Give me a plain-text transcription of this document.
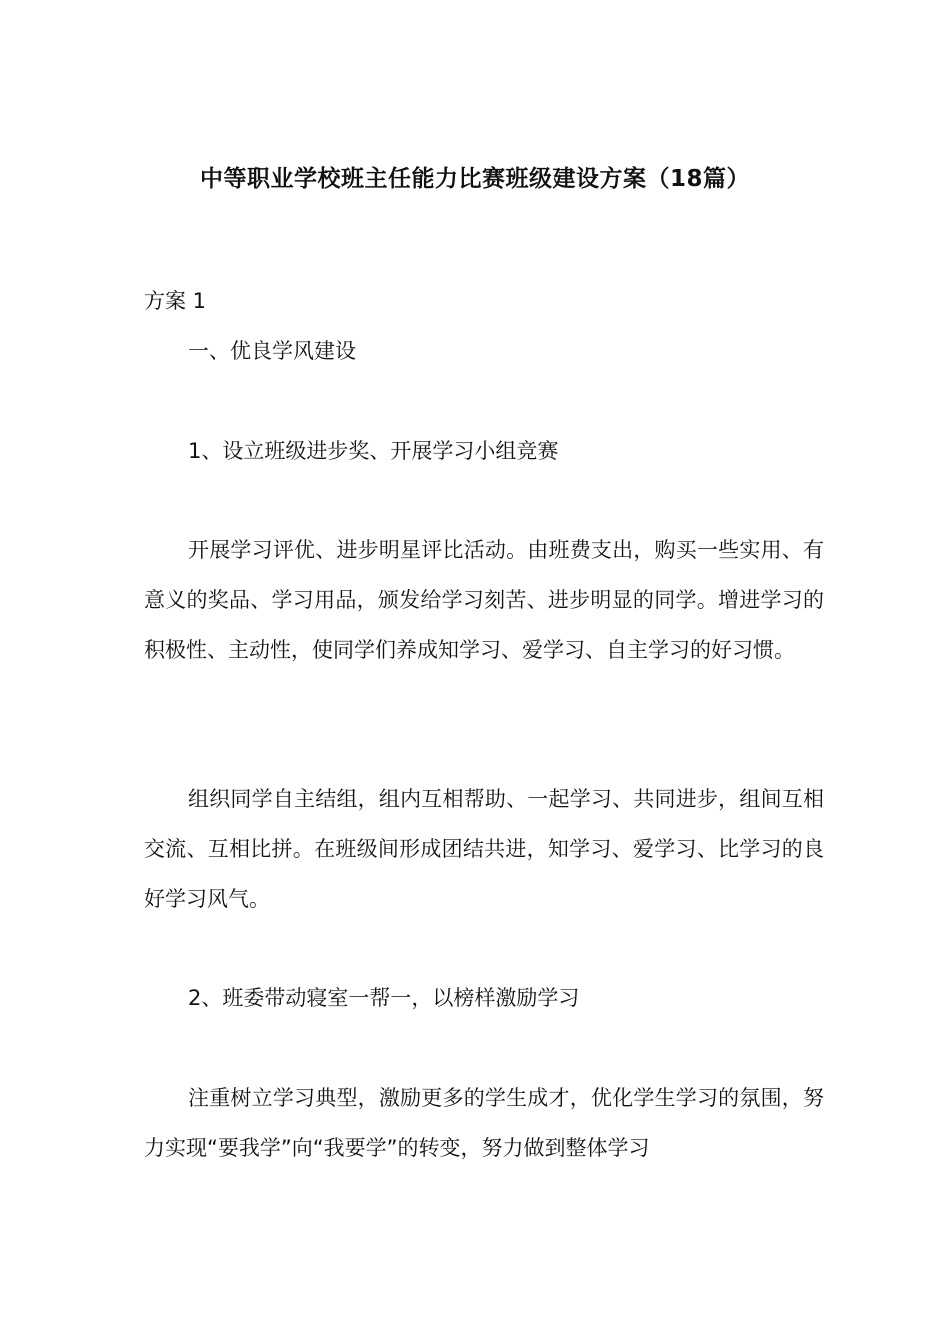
中等职业学校班主任能力比赛班级建设方案（18篇）
方案 1
一、优良学风建设
1、设立班级进步奖、开展学习小组竞赛

开展学习评优、进步明星评比活动。由班费支出，购买一些实用、有意义的奖品、学习用品，颁发给学习刻苦、进步明显的同学。增进学习的积极性、主动性，使同学们养成知学习、爱学习、自主学习的好习惯。

组织同学自主结组，组内互相帮助、一起学习、共同进步，组间互相交流、互相比拼。在班级间形成团结共进，知学习、爱学习、比学习的良好学习风气。

2、班委带动寝室一帮一，以榜样激励学习

注重树立学习典型，激励更多的学生成才，优化学生学习的氛围，努力实现“要我学”向“我要学”的转变，努力做到整体学习
